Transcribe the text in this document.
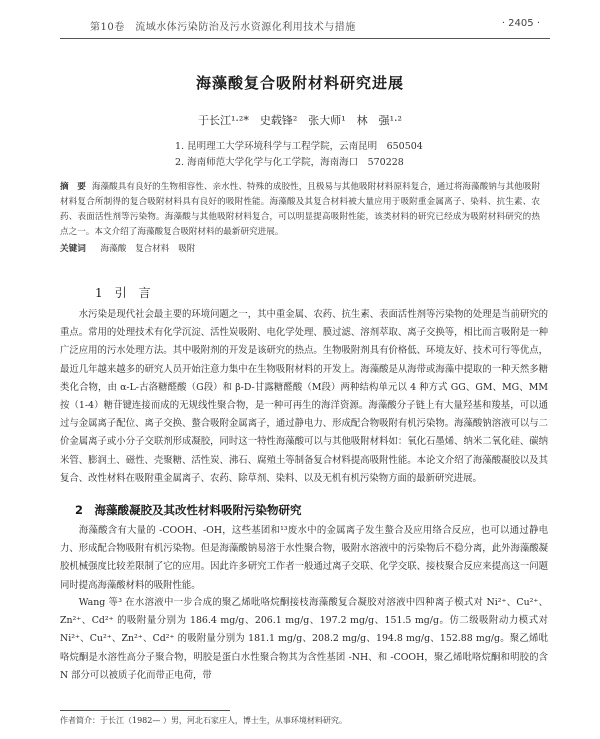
第10卷　流域水体污染防治及污水资源化利用技术与措施	· 2405 ·
海藻酸复合吸附材料研究进展
于长江¹·²*　史载锋²　张大师¹　林　强¹·²
1. 昆明理工大学环境科学与工程学院，云南昆明　650504
2. 海南师范大学化学与化工学院，海南海口　570228
摘　要 海藻酸具有良好的生物相容性、亲水性、特殊的成胶性，且极易与其他吸附材料原料复合，通过将海藻酸钠与其他吸附材料复合所制得的复合吸附材料具有良好的吸附性能。海藻酸及其复合材料被大量应用于吸附重金属离子、染料、抗生素、农药、表面活性剂等污染物。海藻酸与其他吸附材料复合，可以明显提高吸附性能，该类材料的研究已经成为吸附材料研究的热点之一。本文介绍了海藻酸复合吸附材料的最新研究进展。
关键词 海藻酸 复合材料 吸附
1　引　言
水污染是现代社会最主要的环境问题之一，其中重金属、农药、抗生素、表面活性剂等污染物的处理是当前研究的重点。常用的处理技术有化学沉淀、活性炭吸附、电化学处理、膜过滤、溶剂萃取、离子交换等，相比而言吸附是一种广泛应用的污水处理方法。其中吸附剂的开发是该研究的热点。生物吸附剂具有价格低、环境友好、技术可行等优点，最近几年越来越多的研究人员开始注意力集中在生物吸附材料的开发上。海藻酸是从海带或海藻中提取的一种天然多糖类化合物，由 α-L-古洛糖醛酸（G段）和 β-D-甘露糖醛酸（M段）两种结构单元以 4 种方式 GG、GM、MG、MM 按（1-4）糖苷键连接而成的无规线性聚合物，是一种可再生的海洋资源。海藻酸分子链上有大量羟基和羧基，可以通过与金属离子配位、离子交换、螯合吸附金属离子，通过静电力、形成配合物吸附有机污染物。海藻酸钠溶液可以与二价金属离子或小分子交联剂形成凝胶，同时这一特性海藻酸可以与其他吸附材料如：氧化石墨烯、纳米二氧化硅、碳纳米管、膨润土、磁性、壳聚糖、活性炭、沸石、腐殖土等制备复合材料提高吸附性能。本论文介绍了海藻酸凝胶以及其复合、改性材料在吸附重金属离子、农药、除草剂、染料、以及无机有机污染物方面的最新研究进展。
2　海藻酸凝胶及其改性材料吸附污染物研究
海藻酸含有大量的 -COOH、-OH，这些基团和¹³废水中的金属离子发生螯合及应用络合反应，也可以通过静电力、形成配合物吸附有机污染物。但是海藻酸钠易溶于水性聚合物，吸附水溶液中的污染物后不稳分离，此外海藻酸凝胶机械强度比较差限制了它的应用。因此许多研究工作者一般通过离子交联、化学交联、接枝聚合反应来提高这一问题同时提高海藻酸材料的吸附性能。
Wang 等³ 在水溶液中一步合成的聚乙烯吡咯烷酮接枝海藻酸复合凝胶对溶液中四种离子模式对 Ni²⁺、Cu²⁺、Zn²⁺、Cd²⁺ 的吸附量分别为 186.4 mg/g、206.1 mg/g、197.2 mg/g、151.5 mg/g。仿二级吸附动力模式对 Ni²⁺、Cu²⁺、Zn²⁺、Cd²⁺ 的吸附量分别为 181.1 mg/g、208.2 mg/g、194.8 mg/g、152.88 mg/g。聚乙烯吡咯烷酮是水溶性高分子聚合物，明胶是蛋白水性聚合物其为含性基团 -NH、和 -COOH，聚乙烯吡咯烷酮和明胶的含 N 部分可以被质子化而带正电荷，带
作者简介：于长江（1982— ）男，河北石家庄人，博士生，从事环境材料研究。
